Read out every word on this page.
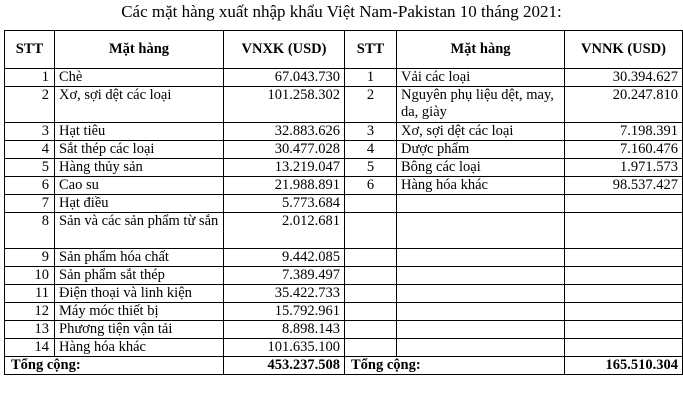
Các mặt hàng xuất nhập khẩu Việt Nam-Pakistan 10 tháng 2021:
STT	Mặt hàng	VNXK (USD)	STT	Mặt hàng	VNNK (USD)
1	Chè	67.043.730	1	Vải các loại	30.394.627
2	Xơ, sợi dệt các loại	101.258.302	2	Nguyên phụ liệu dệt, may, da, giày	20.247.810
3	Hạt tiêu	32.883.626	3	Xơ, sợi dệt các loại	7.198.391
4	Sắt thép các loại	30.477.028	4	Dược phẩm	7.160.476
5	Hàng thủy sản	13.219.047	5	Bông các loại	1.971.573
6	Cao su	21.988.891	6	Hàng hóa khác	98.537.427
7	Hạt điều	5.773.684			
8	Sản và các sản phẩm từ sắn	2.012.681			
9	Sản phẩm hóa chất	9.442.085			
10	Sản phẩm sắt thép	7.389.497			
11	Điện thoại và linh kiện	35.422.733			
12	Máy móc thiết bị	15.792.961			
13	Phương tiện vận tải	8.898.143			
14	Hàng hóa khác	101.635.100			
Tổng cộng:		453.237.508	Tổng cộng:		165.510.304
